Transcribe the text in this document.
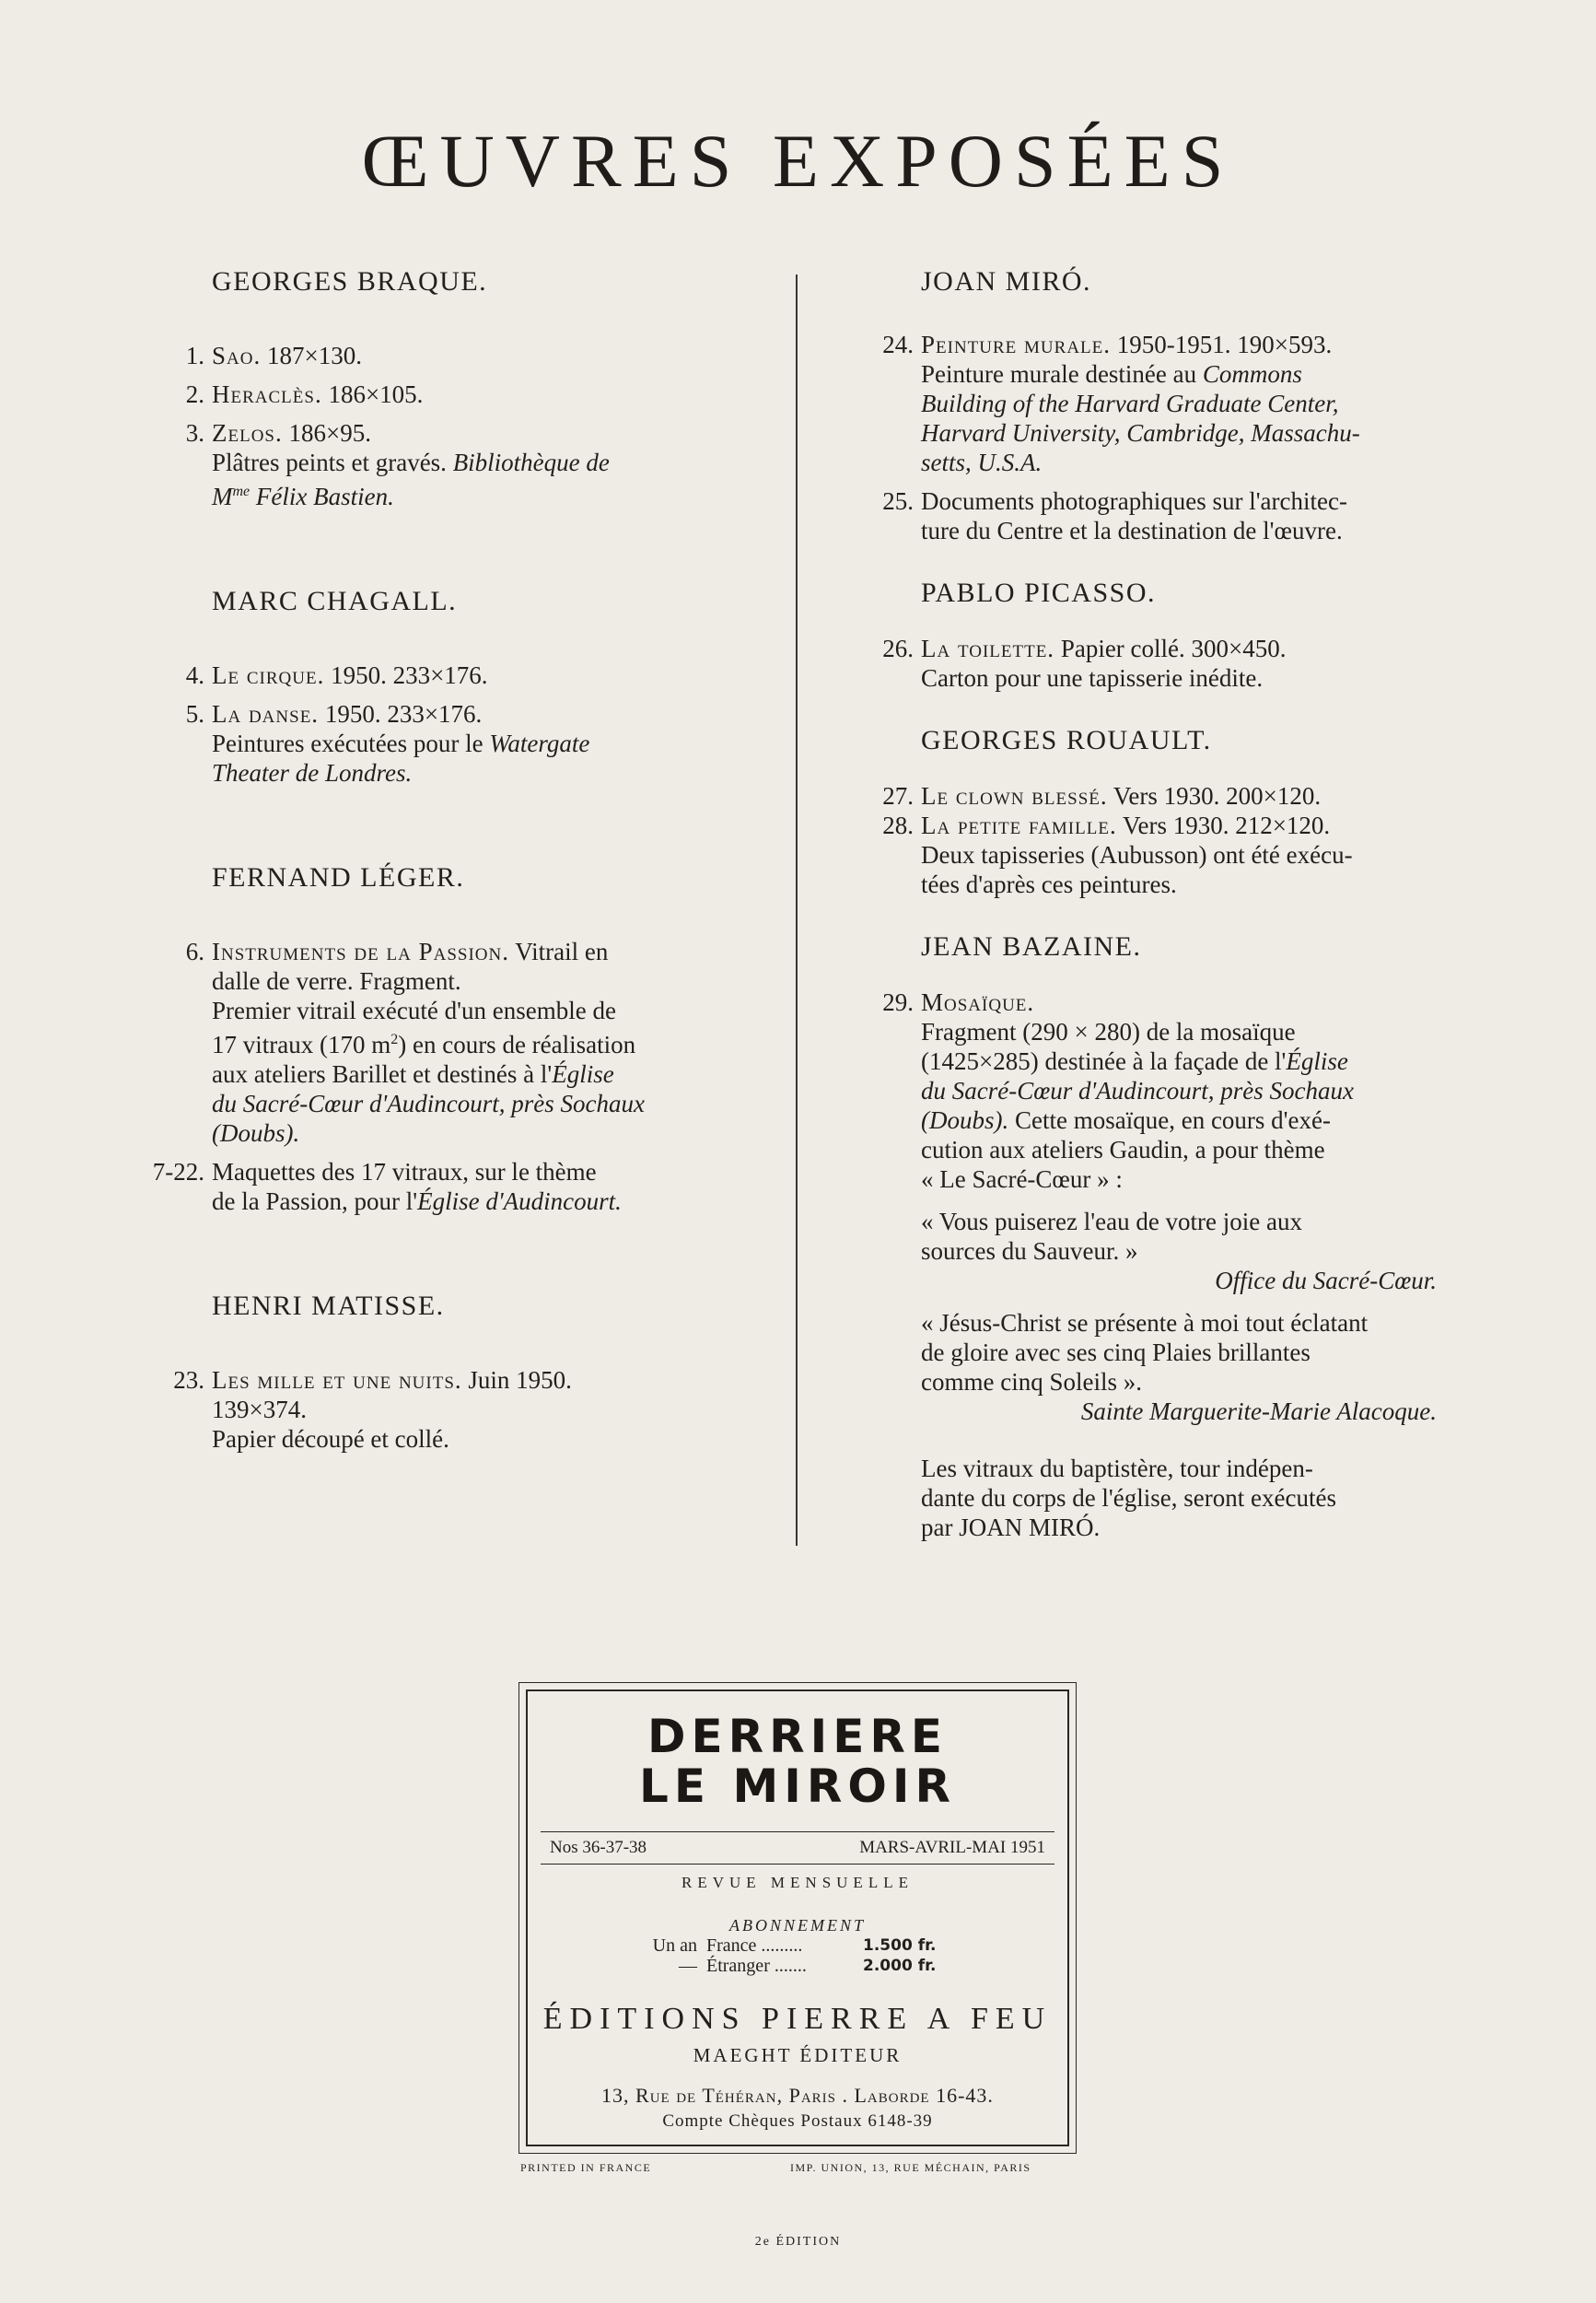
ŒUVRES EXPOSÉES
GEORGES BRAQUE.
1. Sao. 187×130.
2. Heraclès. 186×105.
3. Zelos. 186×95.
Plâtres peints et gravés. Bibliothèque de
$M^{me}$ Félix Bastien.
MARC CHAGALL.
4. Le cirque. 1950. 233×176.
5. La danse. 1950. 233×176.
Peintures exécutées pour le Watergate
Theater de Londres.
FERNAND LÉGER.
6. Instruments de la Passion. Vitrail en
dalle de verre. Fragment.
Premier vitrail exécuté d'un ensemble de
17 vitraux (170 $m^2$) en cours de réalisation
aux ateliers Barillet et destinés à l'Église
du Sacré-Cœur d'Audincourt, près Sochaux
(Doubs).
7-22. Maquettes des 17 vitraux, sur le thème
de la Passion, pour l'Église d'Audincourt.
HENRI MATISSE.
23. Les mille et une nuits. Juin 1950.
139×374.
Papier découpé et collé.
JOAN MIRÓ.
24. Peinture murale. 1950-1951. 190×593.
Peinture murale destinée au Commons
Building of the Harvard Graduate Center,
Harvard University, Cambridge, Massachu-
setts, U.S.A.
25. Documents photographiques sur l'architec-
ture du Centre et la destination de l'œuvre.
PABLO PICASSO.
26. La toilette. Papier collé. 300×450.
Carton pour une tapisserie inédite.
GEORGES ROUAULT.
27. Le clown blessé. Vers 1930. 200×120.
28. La petite famille. Vers 1930. 212×120.
Deux tapisseries (Aubusson) ont été exécu-
tées d'après ces peintures.
JEAN BAZAINE.
29. Mosaïque.
Fragment (290 × 280) de la mosaïque
(1425×285) destinée à la façade de l'Église
du Sacré-Cœur d'Audincourt, près Sochaux
(Doubs). Cette mosaïque, en cours d'exé-
cution aux ateliers Gaudin, a pour thème
« Le Sacré-Cœur » :
« Vous puiserez l'eau de votre joie aux
sources du Sauveur. »
Office du Sacré-Cœur.
« Jésus-Christ se présente à moi tout éclatant
de gloire avec ses cinq Plaies brillantes
comme cinq Soleils ».
Sainte Marguerite-Marie Alacoque.
Les vitraux du baptistère, tour indépen-
dante du corps de l'église, seront exécutés
par JOAN MIRÓ.
DERRIERE
LE MIROIR
Nos 36-37-38	MARS-AVRIL-MAI 1951
REVUE MENSUELLE
ABONNEMENT
Un an France .........	1.500 fr.
— Étranger .......	2.000 fr.
ÉDITIONS PIERRE A FEU
MAEGHT ÉDITEUR
13, Rue de Téhéran, Paris . Laborde 16-43.
Compte Chèques Postaux 6148-39
PRINTED IN FRANCE	IMP. UNION, 13, RUE MÉCHAIN, PARIS
2e ÉDITION
